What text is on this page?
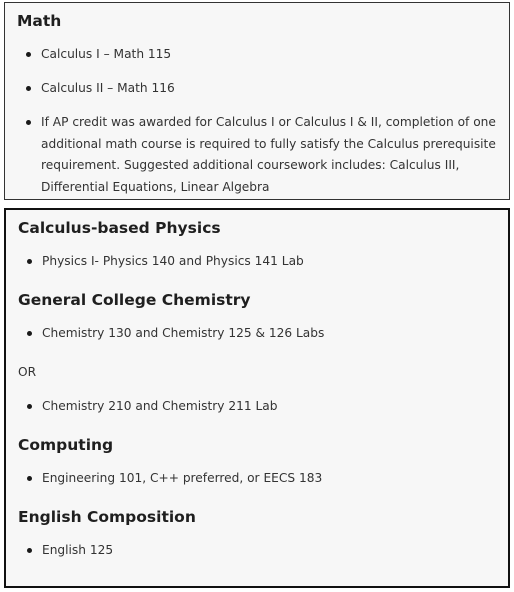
Math
Calculus I – Math 115
Calculus II – Math 116
If AP credit was awarded for Calculus I or Calculus I & II, completion of one additional math course is required to fully satisfy the Calculus prerequisite requirement. Suggested additional coursework includes: Calculus III, Differential Equations, Linear Algebra
Calculus-based Physics
Physics I- Physics 140 and Physics 141 Lab
General College Chemistry
Chemistry 130 and Chemistry 125 & 126 Labs
OR
Chemistry 210 and Chemistry 211 Lab
Computing
Engineering 101, C++ preferred, or EECS 183
English Composition
English 125
